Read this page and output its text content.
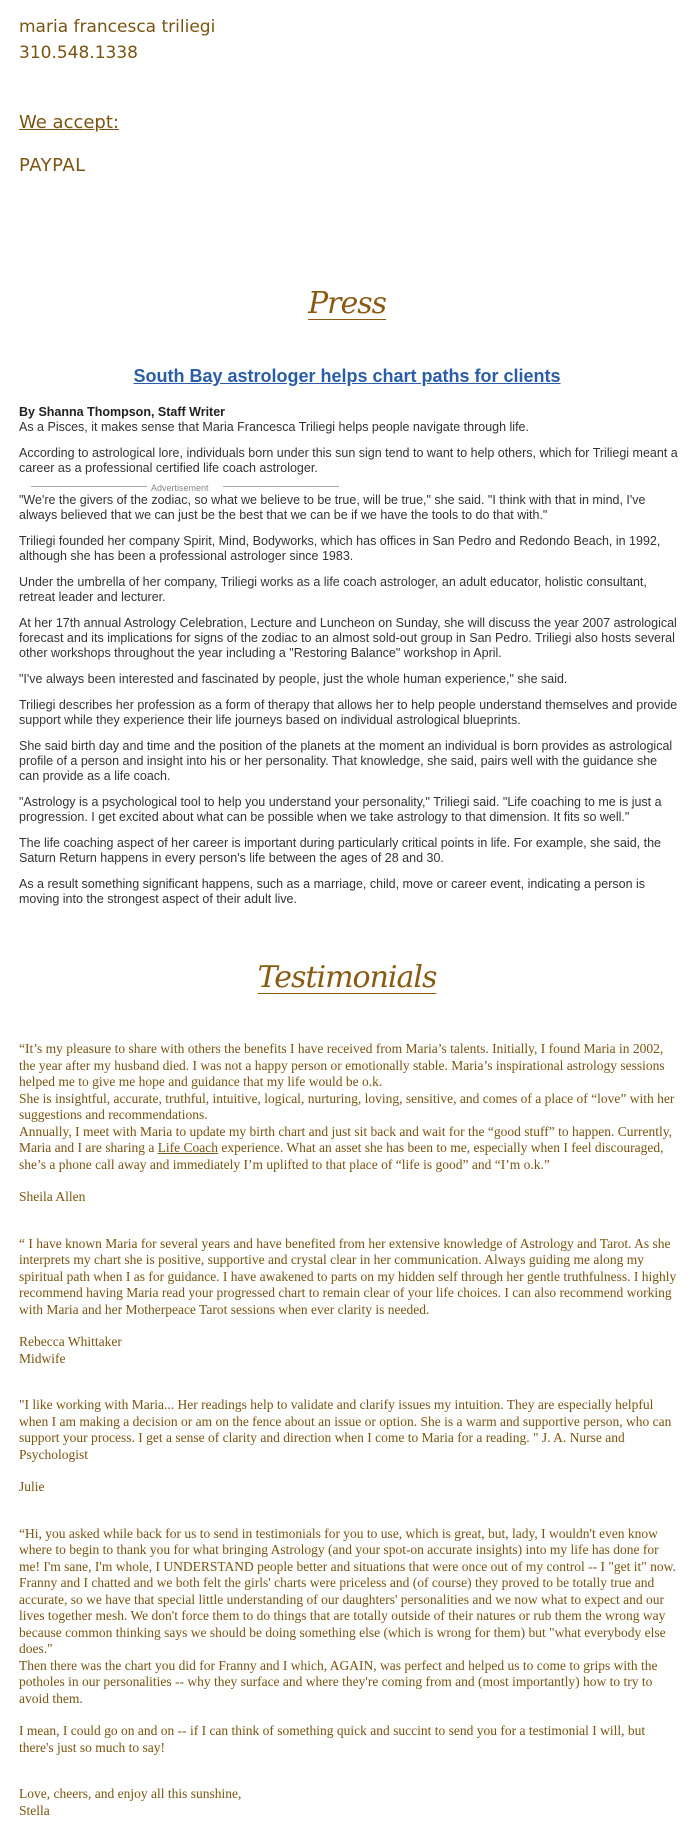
maria francesca triliegi
310.548.1338
We accept:
PAYPAL
Press
South Bay astrologer helps chart paths for clients
By Shanna Thompson, Staff Writer

As a Pisces, it makes sense that Maria Francesca Triliegi helps people navigate through life.

According to astrological lore, individuals born under this sun sign tend to want to help others, which for Triliegi meant a career as a professional certified life coach astrologer.

Advertisement

"We're the givers of the zodiac, so what we believe to be true, will be true," she said. "I think with that in mind, I've always believed that we can just be the best that we can be if we have the tools to do that with."

Triliegi founded her company Spirit, Mind, Bodyworks, which has offices in San Pedro and Redondo Beach, in 1992, although she has been a professional astrologer since 1983.

Under the umbrella of her company, Triliegi works as a life coach astrologer, an adult educator, holistic consultant, retreat leader and lecturer.

At her 17th annual Astrology Celebration, Lecture and Luncheon on Sunday, she will discuss the year 2007 astrological forecast and its implications for signs of the zodiac to an almost sold-out group in San Pedro. Triliegi also hosts several other workshops throughout the year including a "Restoring Balance" workshop in April.

"I've always been interested and fascinated by people, just the whole human experience," she said.

Triliegi describes her profession as a form of therapy that allows her to help people understand themselves and provide support while they experience their life journeys based on individual astrological blueprints.

She said birth day and time and the position of the planets at the moment an individual is born provides as astrological profile of a person and insight into his or her personality. That knowledge, she said, pairs well with the guidance she can provide as a life coach.

"Astrology is a psychological tool to help you understand your personality," Triliegi said. "Life coaching to me is just a progression. I get excited about what can be possible when we take astrology to that dimension. It fits so well."

The life coaching aspect of her career is important during particularly critical points in life. For example, she said, the Saturn Return happens in every person's life between the ages of 28 and 30.

As a result something significant happens, such as a marriage, child, move or career event, indicating a person is moving into the strongest aspect of their adult live.

Testimonials

“It’s my pleasure to share with others the benefits I have received from Maria’s talents. Initially, I found Maria in 2002, the year after my husband died. I was not a happy person or emotionally stable. Maria’s inspirational astrology sessions helped me to give me hope and guidance that my life would be o.k.
She is insightful, accurate, truthful, intuitive, logical, nurturing, loving, sensitive, and comes of a place of “love” with her suggestions and recommendations.
Annually, I meet with Maria to update my birth chart and just sit back and wait for the “good stuff” to happen. Currently, Maria and I are sharing a Life Coach experience. What an asset she has been to me, especially when I feel discouraged, she’s a phone call away and immediately I’m uplifted to that place of “life is good” and “I’m o.k.”

Sheila Allen

“ I have known Maria for several years and have benefited from her extensive knowledge of Astrology and Tarot. As she interprets my chart she is positive, supportive and crystal clear in her communication. Always guiding me along my spiritual path when I as for guidance. I have awakened to parts on my hidden self through her gentle truthfulness. I highly recommend having Maria read your progressed chart to remain clear of your life choices. I can also recommend working with Maria and her Motherpeace Tarot sessions when ever clarity is needed.

Rebecca Whittaker

Midwife

"I like working with Maria... Her readings help to validate and clarify issues my intuition. They are especially helpful when I am making a decision or am on the fence about an issue or option. She is a warm and supportive person, who can support your process. I get a sense of clarity and direction when I come to Maria for a reading. " J. A. Nurse and Psychologist

Julie

“Hi, you asked while back for us to send in testimonials for you to use, which is great, but, lady, I wouldn't even know where to begin to thank you for what bringing Astrology (and your spot-on accurate insights) into my life has done for me! I'm sane, I'm whole, I UNDERSTAND people better and situations that were once out of my control -- I "get it" now. Franny and I chatted and we both felt the girls' charts were priceless and (of course) they proved to be totally true and accurate, so we have that special little understanding of our daughters' personalities and we now what to expect and our lives together mesh. We don't force them to do things that are totally outside of their natures or rub them the wrong way because common thinking says we should be doing something else (which is wrong for them) but "what everybody else does."
Then there was the chart you did for Franny and I which, AGAIN, was perfect and helped us to come to grips with the potholes in our personalities -- why they surface and where they're coming from and (most importantly) how to try to avoid them.

I mean, I could go on and on -- if I can think of something quick and succint to send you for a testimonial I will, but there's just so much to say!

Love, cheers, and enjoy all this sunshine,

Stella
